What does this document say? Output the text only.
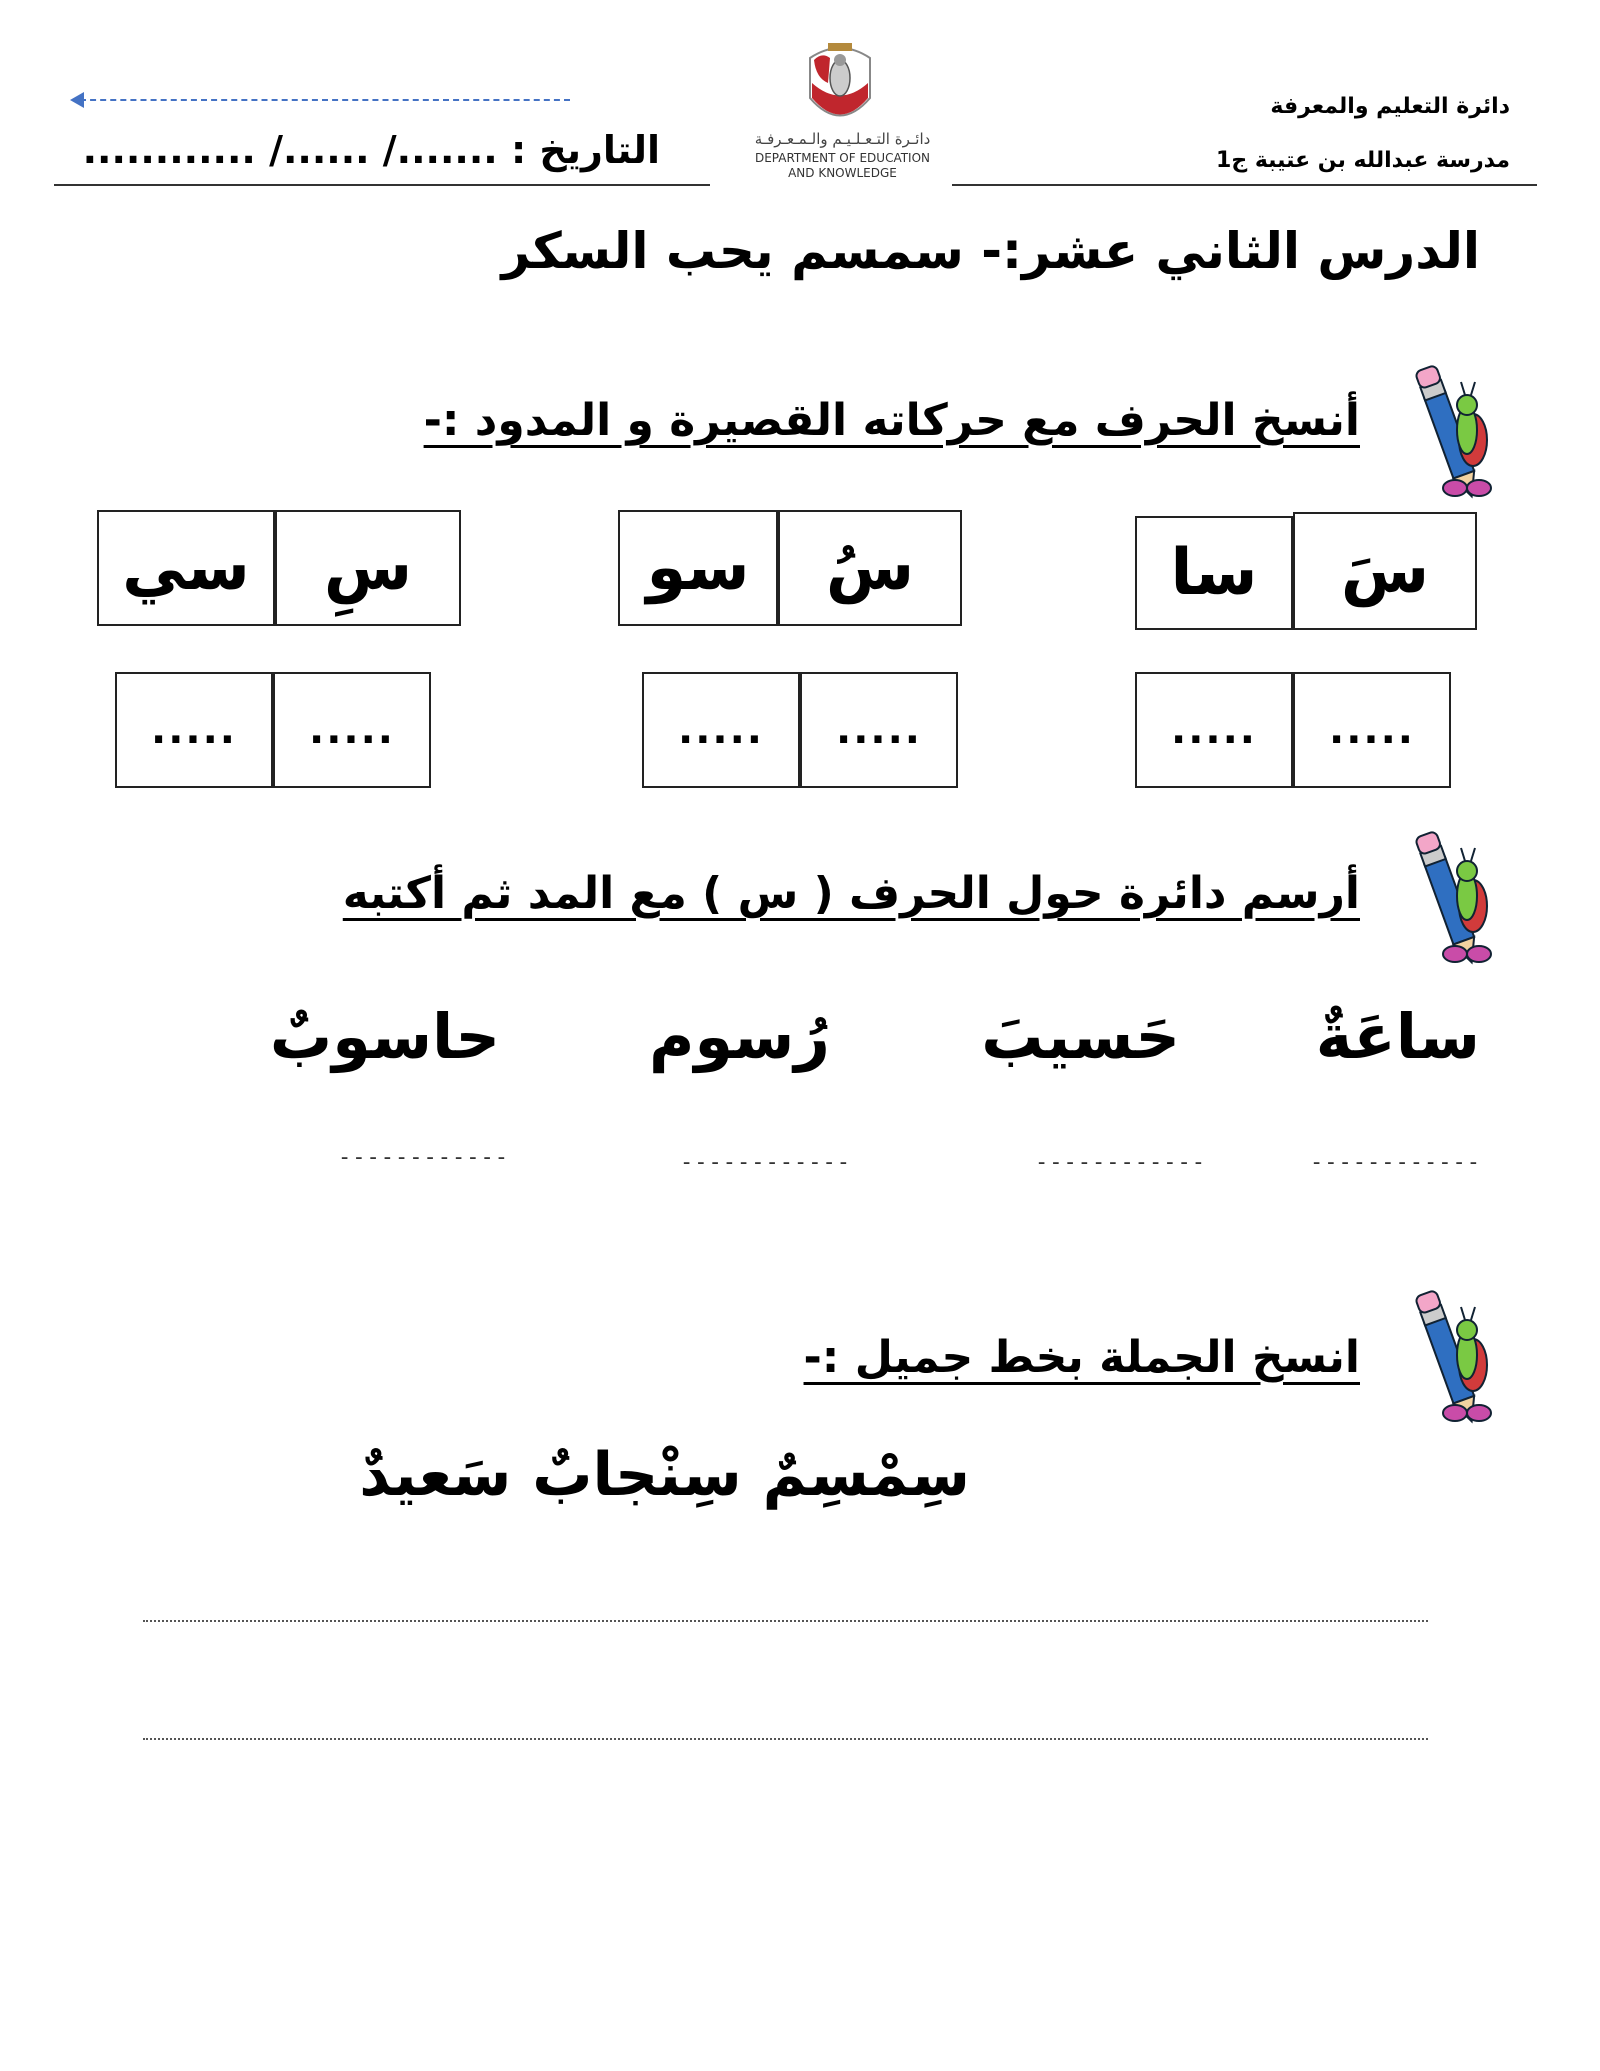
التاريخ : ......./ ....../ ............	دائـرة التـعـلـيـم والـمـعـرفـة
DEPARTMENT OF EDUCATION
AND KNOWLEDGE
دائرة التعليم والمعرفة
مدرسة عبدالله بن عتيبة ج1
الدرس الثاني عشر:- سمسم يحب السكر
أنسخ الحرف مع حركاته القصيرة و المدود :-
سَ
سا
.....
.....
سُ
سو
.....
.....
سِ
سي
.....
.....
أرسم دائرة حول الحرف ( س ) مع المد ثم أكتبه
ساعَةٌ
حَسيبَ
رُسوم
حاسوبٌ
------------
------------
------------
------------
انسخ الجملة بخط جميل :-
سِمْسِمٌ سِنْجابٌ سَعيدٌ
